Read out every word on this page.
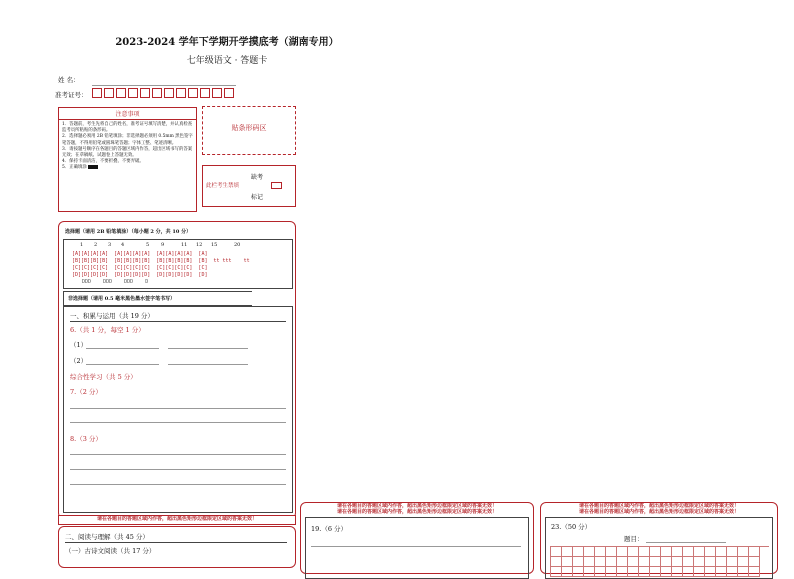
2023-2024 学年下学期开学摸底考（湖南专用）
七年级语文 · 答题卡
姓 名：
准考证号：
注意事项
1．答题前，考生先将自己的姓名，准考证号填写清楚，并认真检查监考员所粘贴的条形码。
2．选择题必须用 2B 铅笔填涂；非选择题必须用 0.5mm 黑色签字笔答题，不得用铅笔或圆珠笔答题；字体工整、笔迹清晰。
3．请按题号顺序在各题目的答题区域内作答，超出区域书写的答案无效；在草稿纸、试题卷上答题无效。
4．保持卡面清洁，不要折叠、不要弄破。
5．正确填涂
贴条形码区
缺考
此栏考生禁填
标记
选择题（请用 2B 铅笔填涂）（每小题 2 分，共 10 分）
1 2 3 4	5 9	11 12 15	20
[A][A][A][A]  [A][A][A][A]  [A][A][A][A]  [A]
[B][B][B][B]  [B][B][B][B]  [B][B][B][B]  [B]  tt ttt    tt
[C][C][C][C]  [C][C][C][C]  [C][C][C][C]  [C]
[D][D][D][D]  [D][D][D][D]  [D][D][D][D]  [D]
DDD    DDD    DDD    D
非选择题（请用 0.5 毫米黑色墨水签字笔书写）
一、积累与运用（共 19 分）
6.（共 1 分，每空 1 分）
（1）
（2）
综合性学习（共 5 分）
7.（2 分）
8.（3 分）
请在各题目的答题区域内作答，超出黑色矩形边框限定区域的答案无效！
二、阅读与理解（共 45 分）
（一）古诗文阅读（共 17 分）
请在各题目的答题区域内作答，超出黑色矩形边框限定区域的答案无效！
请在各题目的答题区域内作答，超出黑色矩形边框限定区域的答案无效！
19.（6 分）
请在各题目的答题区域内作答，超出黑色矩形边框限定区域的答案无效！
请在各题目的答题区域内作答，超出黑色矩形边框限定区域的答案无效！
23.（50 分）
题目：
